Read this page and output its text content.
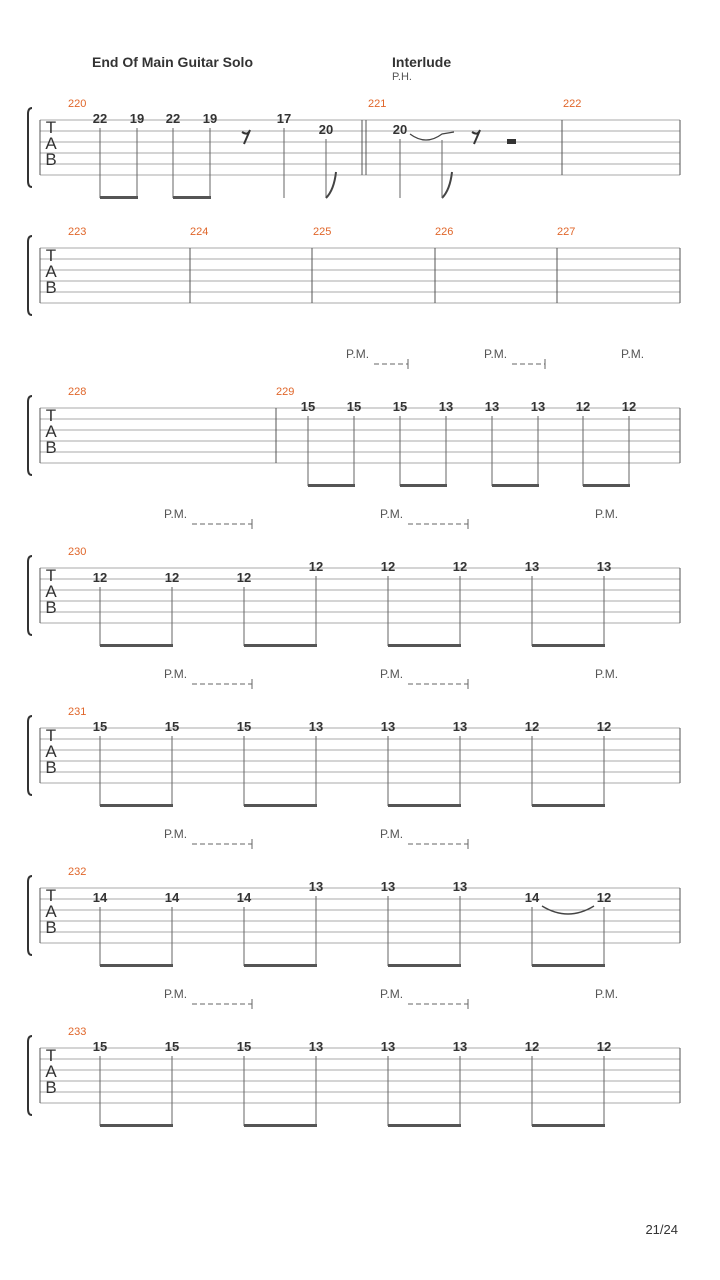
End Of Main Guitar Solo	Interlude
P.H.
T
A
B
220	221	222
22 19 22 19	17
20	20
T
A
B
223	224	225	226	227
T
A
B
228	229
15 15 15 13 13 13 12 12
P.M.	P.M.	P.M.
T
A
B
230
12	12	12
12	12	12	13	13
P.M.	P.M.	P.M.
T
A
B
231
15	15	15	13	13	13	12	12
P.M.	P.M.	P.M.
T
A
B
232
14	14	14
13	13	13
14	12
P.M.	P.M.
T
A
B
233
15	15	15	13	13	13	12	12
P.M.	P.M.	P.M.
21/24
